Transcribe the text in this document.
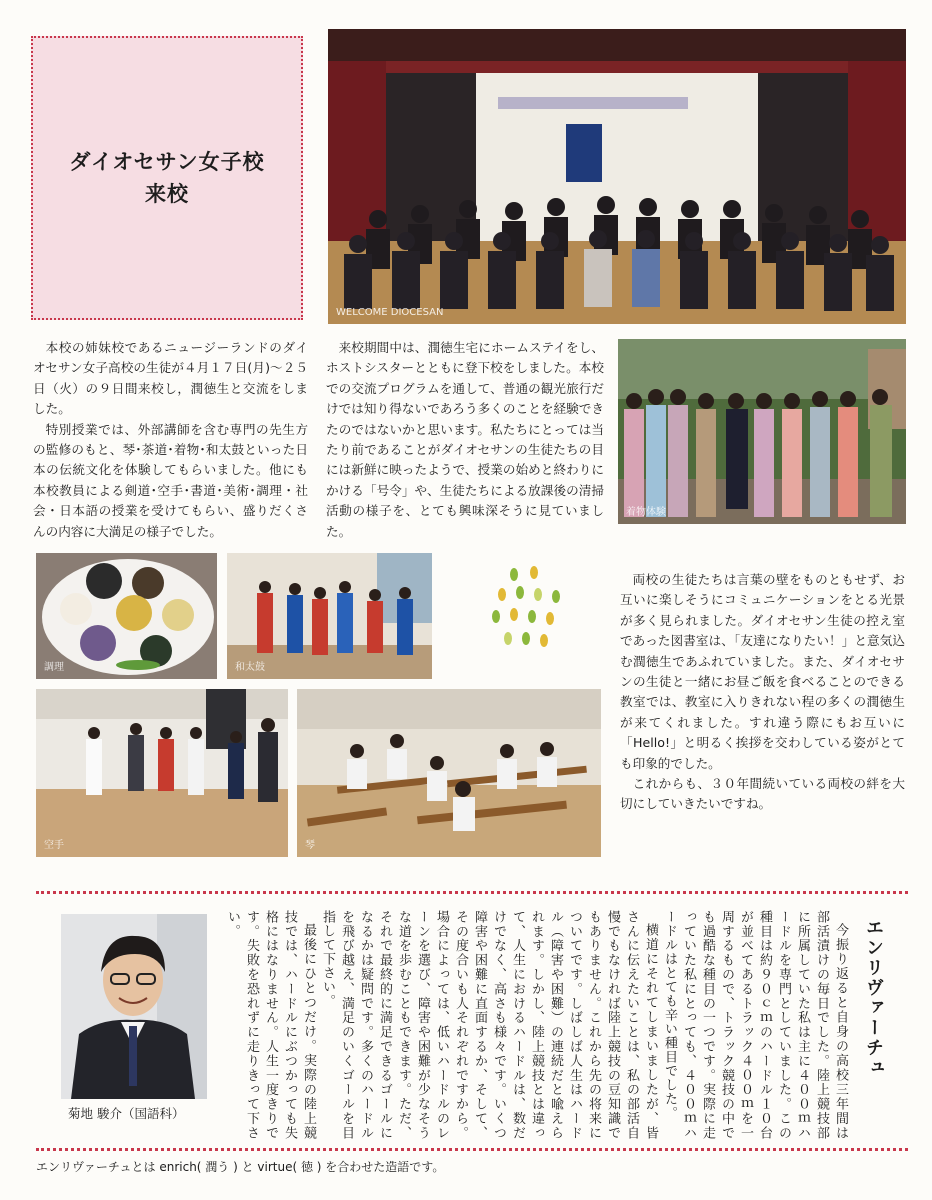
ダイオセサン女子校
来校
WELCOME DIOCESAN

本校の姉妹校であるニュージーランドのダイオセサン女子高校の生徒が４月１７日(月)～２５日（火）の９日間来校し，潤徳生と交流をしました。

特別授業では、外部講師を含む専門の先生方の監修のもと、琴･茶道･着物･和太鼓といった日本の伝統文化を体験してもらいました。他にも本校教員による剣道･空手･書道･美術･調理・社会・日本語の授業を受けてもらい、盛りだくさんの内容に大満足の様子でした。

来校期間中は、潤徳生宅にホームステイをし、ホストシスターとともに登下校をしました。本校での交流プログラムを通して、普通の観光旅行だけでは知り得ないであろう多くのことを経験できたのではないかと思います。私たちにとっては当たり前であることがダイオセサンの生徒たちの目には新鮮に映ったようで、授業の始めと終わりにかける「号令」や、生徒たちによる放課後の清掃活動の様子を、とても興味深そうに見ていました。

着物体験
調理	和太鼓

両校の生徒たちは言葉の壁をものともせず、お互いに楽しそうにコミュニケーションをとる光景が多く見られました。ダイオセサン生徒の控え室であった図書室は、「友達になりたい！」と意気込む潤徳生であふれていました。また、ダイオセサンの生徒と一緒にお昼ご飯を食べることのできる教室では、教室に入りきれない程の多くの潤徳生が来てくれました。すれ違う際にもお互いに「Hello!」と明るく挨拶を交わしている姿がとても印象的でした。

これからも、３０年間続いている両校の絆を大切にしていきたいですね。

空手	琴
エンリヴァーチュ

今振り返ると自身の高校三年間は部活漬けの毎日でした。陸上競技部に所属していた私は主に４００ｍハードルを専門としていました。この種目は約９０ｃｍのハードル１０台が並べてあるトラック４００ｍを一周するもので、トラック競技の中でも過酷な種目の一つです。実際に走っていた私にとっても、４００ｍハードルはとても辛い種目でした。

横道にそれてしまいましたが、皆さんに伝えたいことは、私の部活自慢でもなければ陸上競技の豆知識でもありません。これから先の将来についてです。しばしば人生はハードル（障害や困難）の連続だと喩えられます。しかし、陸上競技とは違って、人生におけるハードルは、数だけでなく、高さも様々です。いくつ障害や困難に直面するか、そして、その度合いも人それぞれですから。場合によっては、低いハードルのレーンを選び、障害や困難が少なそうな道を歩むこともできます。ただ、それで最終的に満足できるゴールになるかは疑問です。多くのハードルを飛び越え、満足のいくゴールを目指して下さい。

最後にひとつだけ。実際の陸上競技では、ハードルにぶつかっても失格にはなりません。人生一度きりです。失敗を恐れずに走りきって下さい。

菊地 駿介（国語科）
エンリヴァーチュとは enrich( 潤う ) と virtue( 徳 ) を合わせた造語です。
